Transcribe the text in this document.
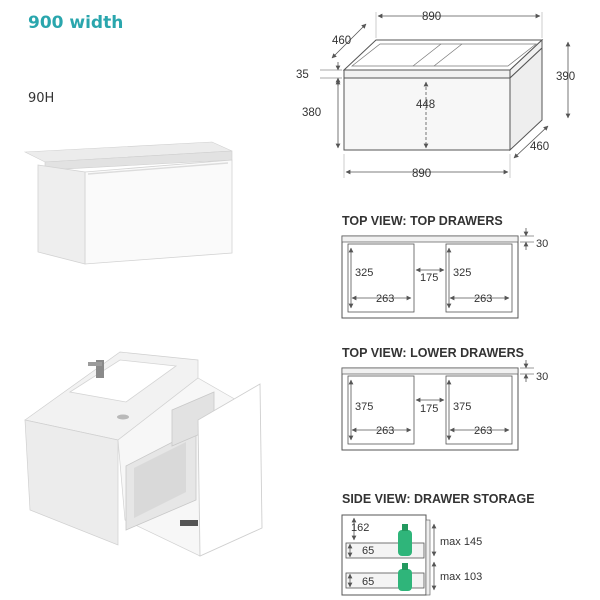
900 width
90H
890
460
35
380
448
390
460
890
TOP VIEW: TOP DRAWERS
30
325
263
175 325
263
TOP VIEW: LOWER DRAWERS
30
375
263
175 375
263
SIDE VIEW: DRAWER STORAGE
162
65
max 145
65	max 103
